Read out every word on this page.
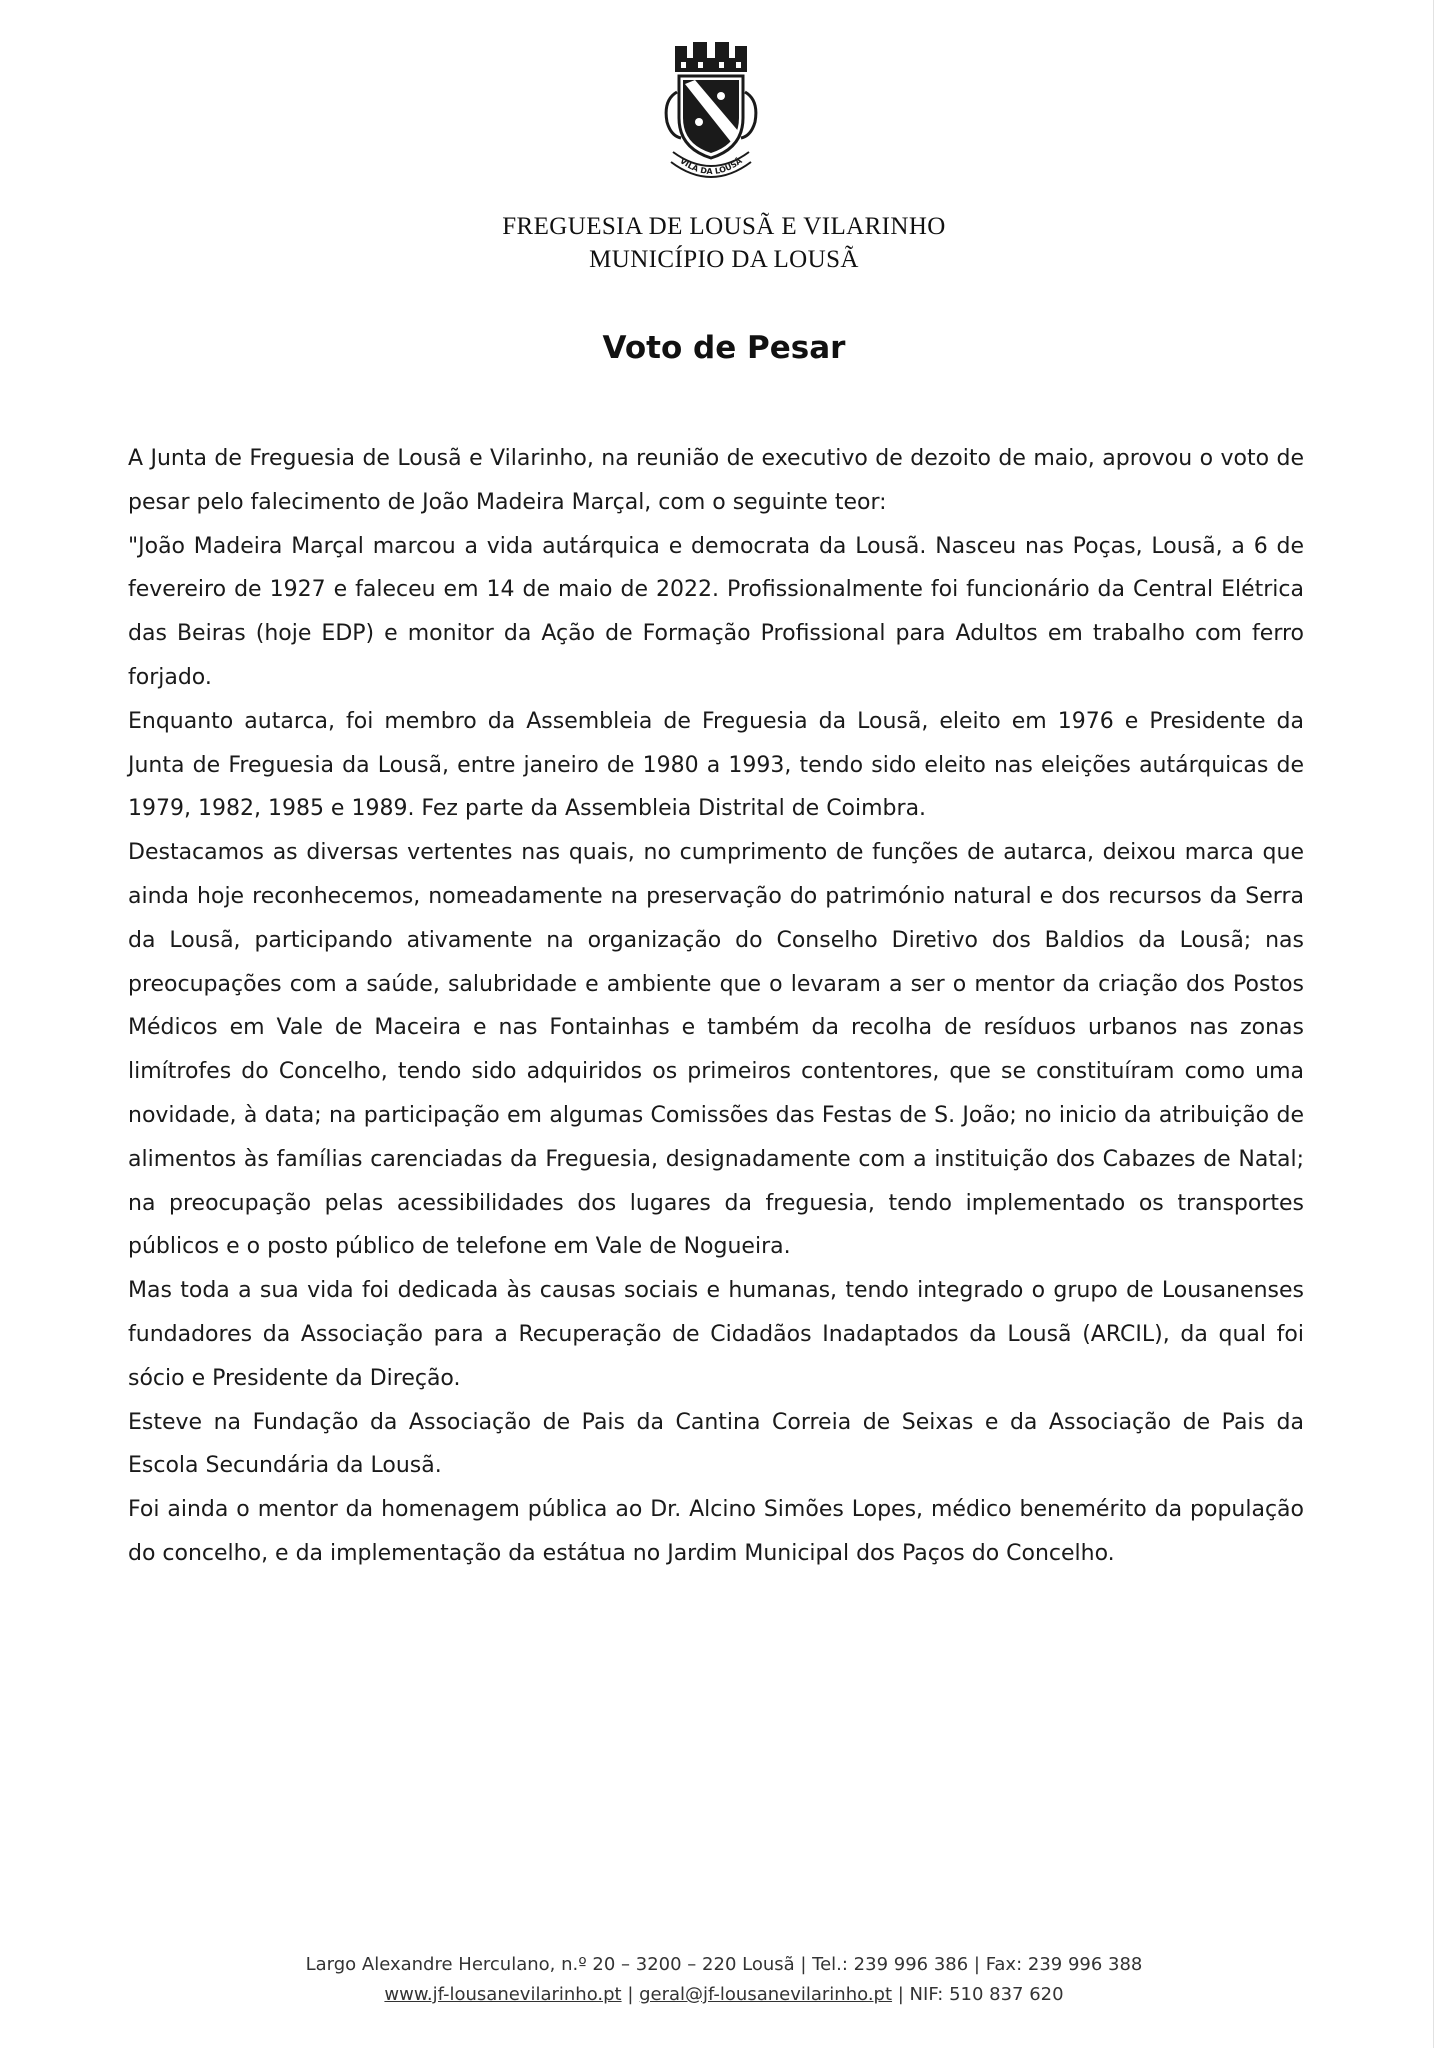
VILA DA LOUSÃ
FREGUESIA DE LOUSÃ E VILARINHO
MUNICÍPIO DA LOUSÃ
Voto de Pesar

A Junta de Freguesia de Lousã e Vilarinho, na reunião de executivo de dezoito de maio, aprovou o voto de pesar pelo falecimento de João Madeira Marçal, com o seguinte teor:

"João Madeira Marçal marcou a vida autárquica e democrata da Lousã. Nasceu nas Poças, Lousã, a 6 de fevereiro de 1927 e faleceu em 14 de maio de 2022. Profissionalmente foi funcionário da Central Elétrica das Beiras (hoje EDP) e monitor da Ação de Formação Profissional para Adultos em trabalho com ferro forjado.

Enquanto autarca, foi membro da Assembleia de Freguesia da Lousã, eleito em 1976 e Presidente da Junta de Freguesia da Lousã, entre janeiro de 1980 a 1993, tendo sido eleito nas eleições autárquicas de 1979, 1982, 1985 e 1989. Fez parte da Assembleia Distrital de Coimbra.

Destacamos as diversas vertentes nas quais, no cumprimento de funções de autarca, deixou marca que ainda hoje reconhecemos, nomeadamente na preservação do património natural e dos recursos da Serra da Lousã, participando ativamente na organização do Conselho Diretivo dos Baldios da Lousã; nas preocupações com a saúde, salubridade e ambiente que o levaram a ser o mentor da criação dos Postos Médicos em Vale de Maceira e nas Fontainhas e também da recolha de resíduos urbanos nas zonas limítrofes do Concelho, tendo sido adquiridos os primeiros contentores, que se constituíram como uma novidade, à data; na participação em algumas Comissões das Festas de S. João; no inicio da atribuição de alimentos às famílias carenciadas da Freguesia, designadamente com a instituição dos Cabazes de Natal; na preocupação pelas acessibilidades dos lugares da freguesia, tendo implementado os transportes públicos e o posto público de telefone em Vale de Nogueira.

Mas toda a sua vida foi dedicada às causas sociais e humanas, tendo integrado o grupo de Lousanenses fundadores da Associação para a Recuperação de Cidadãos Inadaptados da Lousã (ARCIL), da qual foi sócio e Presidente da Direção.

Esteve na Fundação da Associação de Pais da Cantina Correia de Seixas e da Associação de Pais da Escola Secundária da Lousã.

Foi ainda o mentor da homenagem pública ao Dr. Alcino Simões Lopes, médico benemérito da população do concelho, e da implementação da estátua no Jardim Municipal dos Paços do Concelho.

Largo Alexandre Herculano, n.º 20 – 3200 – 220 Lousã | Tel.: 239 996 386 | Fax: 239 996 388
www.jf-lousanevilarinho.pt | geral@jf-lousanevilarinho.pt | NIF: 510 837 620
